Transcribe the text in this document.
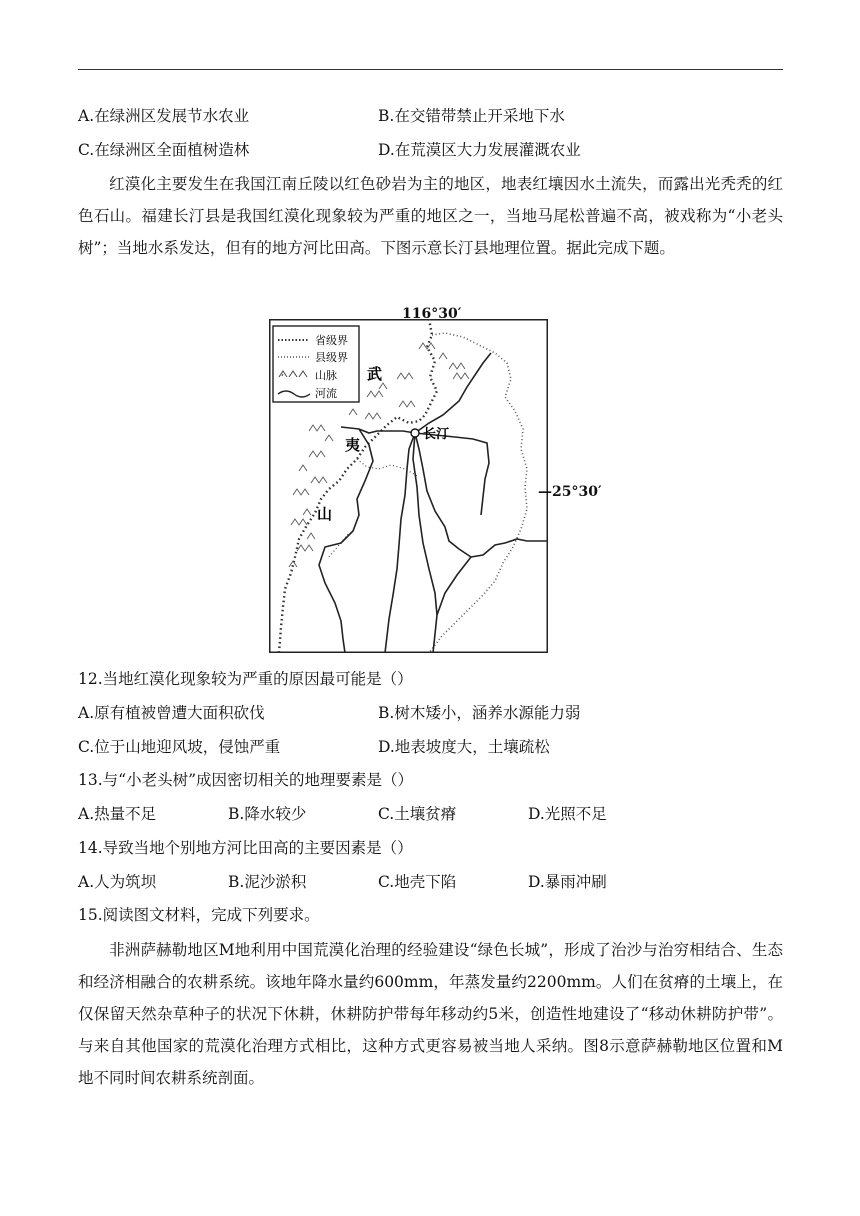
A.在绿洲区发展节水农业	B.在交错带禁止开采地下水
C.在绿洲区全面植树造林	D.在荒漠区大力发展灌溉农业
红漠化主要发生在我国江南丘陵以红色砂岩为主的地区，地表红壤因水土流失，而露出光秃秃的红色石山。福建长汀县是我国红漠化现象较为严重的地区之一，当地马尾松普遍不高，被戏称为“小老头树”；当地水系发达，但有的地方河比田高。下图示意长汀县地理位置。据此完成下题。
省级界
县级界
山脉
河流
长汀
武
夷
山
116°30′
—25°30′
12.当地红漠化现象较为严重的原因最可能是（）
A.原有植被曾遭大面积砍伐	B.树木矮小，涵养水源能力弱
C.位于山地迎风坡，侵蚀严重	D.地表坡度大，土壤疏松
13.与“小老头树”成因密切相关的地理要素是（）
A.热量不足	B.降水较少	C.土壤贫瘠	D.光照不足
14.导致当地个别地方河比田高的主要因素是（）
A.人为筑坝	B.泥沙淤积	C.地壳下陷	D.暴雨冲刷
15.阅读图文材料，完成下列要求。
非洲萨赫勒地区M地利用中国荒漠化治理的经验建设“绿色长城”，形成了治沙与治穷相结合、生态和经济相融合的农耕系统。该地年降水量约600mm，年蒸发量约2200mm。人们在贫瘠的土壤上，在仅保留天然杂草种子的状况下休耕，休耕防护带每年移动约5米，创造性地建设了“移动休耕防护带”。与来自其他国家的荒漠化治理方式相比，这种方式更容易被当地人采纳。图8示意萨赫勒地区位置和M地不同时间农耕系统剖面。
